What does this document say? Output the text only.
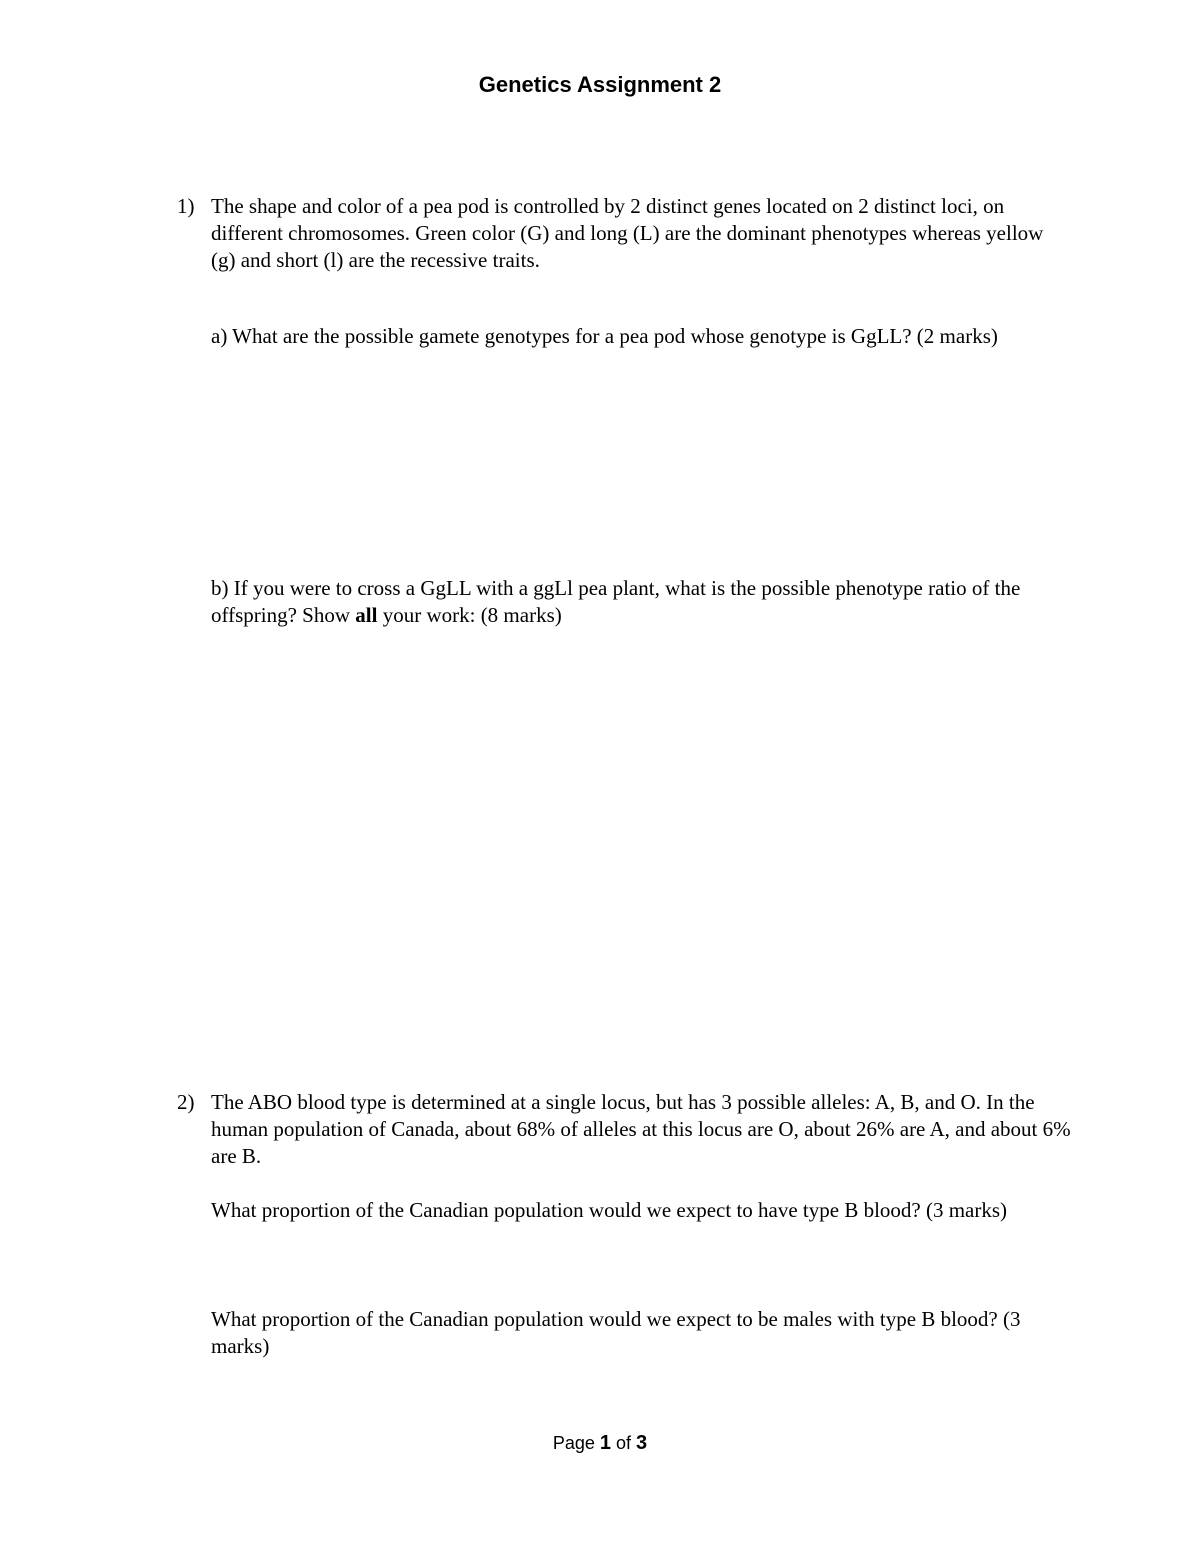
Genetics Assignment 2
1) The shape and color of a pea pod is controlled by 2 distinct genes located on 2 distinct loci, on different chromosomes. Green color (G) and long (L) are the dominant phenotypes whereas yellow (g) and short (l) are the recessive traits.

a) What are the possible gamete genotypes for a pea pod whose genotype is GgLL? (2 marks)

b) If you were to cross a GgLL with a ggLl pea plant, what is the possible phenotype ratio of the offspring? Show all your work: (8 marks)

2) The ABO blood type is determined at a single locus, but has 3 possible alleles: A, B, and O. In the human population of Canada, about 68% of alleles at this locus are O, about 26% are A, and about 6% are B.

What proportion of the Canadian population would we expect to have type B blood? (3 marks)

What proportion of the Canadian population would we expect to be males with type B blood? (3 marks)

Page 1 of 3
